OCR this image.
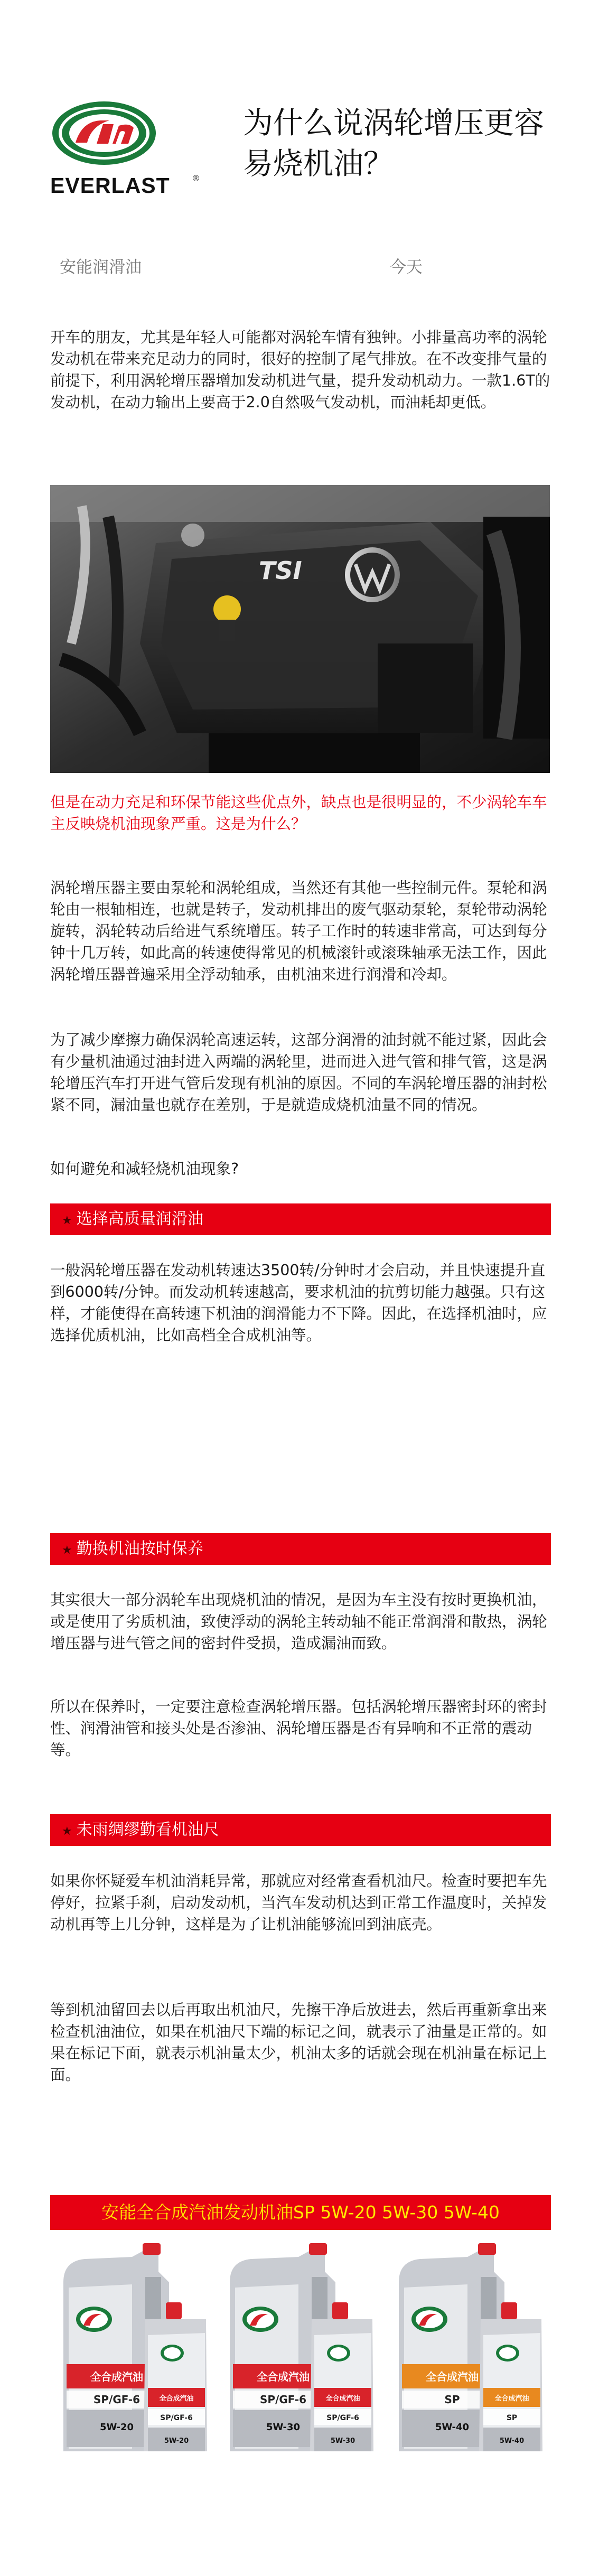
EVERLAST	®
为什么说涡轮增压更容易烧机油？
安能润滑油	今天
开车的朋友，尤其是年轻人可能都对涡轮车情有独钟。小排量高功率的涡轮发动机在带来充足动力的同时，很好的控制了尾气排放。在不改变排气量的前提下，利用涡轮增压器增加发动机进气量，提升发动机动力。一款1.6T的发动机，在动力输出上要高于2.0自然吸气发动机，而油耗却更低。
TSI
但是在动力充足和环保节能这些优点外，缺点也是很明显的，不少涡轮车车主反映烧机油现象严重。这是为什么？
涡轮增压器主要由泵轮和涡轮组成，当然还有其他一些控制元件。泵轮和涡轮由一根轴相连，也就是转子，发动机排出的废气驱动泵轮，泵轮带动涡轮旋转，涡轮转动后给进气系统增压。转子工作时的转速非常高，可达到每分钟十几万转，如此高的转速使得常见的机械滚针或滚珠轴承无法工作，因此涡轮增压器普遍采用全浮动轴承，由机油来进行润滑和冷却。
为了减少摩擦力确保涡轮高速运转，这部分润滑的油封就不能过紧，因此会有少量机油通过油封进入两端的涡轮里，进而进入进气管和排气管，这是涡轮增压汽车打开进气管后发现有机油的原因。不同的车涡轮增压器的油封松紧不同，漏油量也就存在差别，于是就造成烧机油量不同的情况。
如何避免和减轻烧机油现象?
★ 选择高质量润滑油
一般涡轮增压器在发动机转速达3500转/分钟时才会启动，并且快速提升直到6000转/分钟。而发动机转速越高，要求机油的抗剪切能力越强。只有这样，才能使得在高转速下机油的润滑能力不下降。因此，在选择机油时，应选择优质机油，比如高档全合成机油等。
★ 勤换机油按时保养
其实很大一部分涡轮车出现烧机油的情况，是因为车主没有按时更换机油，或是使用了劣质机油，致使浮动的涡轮主转动轴不能正常润滑和散热，涡轮增压器与进气管之间的密封件受损，造成漏油而致。
所以在保养时，一定要注意检查涡轮增压器。包括涡轮增压器密封环的密封性、润滑油管和接头处是否渗油、涡轮增压器是否有异响和不正常的震动等。
★ 未雨绸缪勤看机油尺
如果你怀疑爱车机油消耗异常，那就应对经常查看机油尺。检查时要把车先停好，拉紧手刹，启动发动机，当汽车发动机达到正常工作温度时，关掉发动机再等上几分钟，这样是为了让机油能够流回到油底壳。
等到机油留回去以后再取出机油尺，先擦干净后放进去，然后再重新拿出来检查机油油位，如果在机油尺下端的标记之间，就表示了油量是正常的。如果在标记下面，就表示机油量太少，机油太多的话就会现在机油量在标记上面。
安能全合成汽油发动机油SP 5W-20 5W-30 5W-40
全合成汽油
SP/GF-6
5W-20
全合成汽油
SP/GF-6
5W-20
全合成汽油
SP/GF-6
5W-30
全合成汽油
SP/GF-6
5W-30
全合成汽油
SP
5W-40
全合成汽油
SP
5W-40
